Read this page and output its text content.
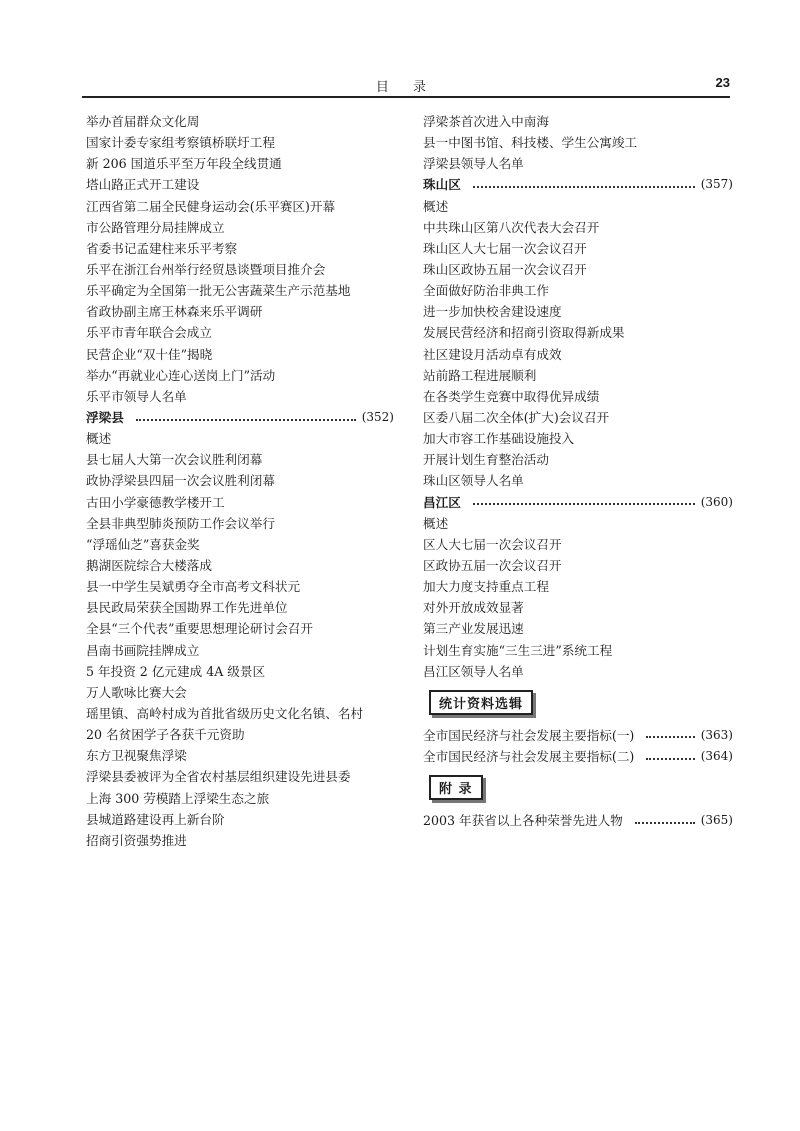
目 录	23
举办首届群众文化周
国家计委专家组考察镇桥联圩工程
新 206 国道乐平至万年段全线贯通
塔山路正式开工建设
江西省第二届全民健身运动会(乐平赛区)开幕
市公路管理分局挂牌成立
省委书记孟建柱来乐平考察
乐平在浙江台州举行经贸恳谈暨项目推介会
乐平确定为全国第一批无公害蔬菜生产示范基地
省政协副主席王林森来乐平调研
乐平市青年联合会成立
民营企业“双十佳”揭晓
举办“再就业心连心送岗上门”活动
乐平市领导人名单
浮梁县	(352)
概述
县七届人大第一次会议胜利闭幕
政协浮梁县四届一次会议胜利闭幕
古田小学豪德教学楼开工
全县非典型肺炎预防工作会议举行
“浮瑶仙芝”喜获金奖
鹅湖医院综合大楼落成
县一中学生吴斌勇夺全市高考文科状元
县民政局荣获全国勘界工作先进单位
全县“三个代表”重要思想理论研讨会召开
昌南书画院挂牌成立
5 年投资 2 亿元建成 4A 级景区
万人歌咏比赛大会
瑶里镇、高岭村成为首批省级历史文化名镇、名村
20 名贫困学子各获千元资助
东方卫视聚焦浮梁
浮梁县委被评为全省农村基层组织建设先进县委
上海 300 劳模踏上浮梁生态之旅
县城道路建设再上新台阶
招商引资强势推进
浮梁茶首次进入中南海
县一中图书馆、科技楼、学生公寓竣工
浮梁县领导人名单
珠山区	(357)
概述
中共珠山区第八次代表大会召开
珠山区人大七届一次会议召开
珠山区政协五届一次会议召开
全面做好防治非典工作
进一步加快校舍建设速度
发展民营经济和招商引资取得新成果
社区建设月活动卓有成效
站前路工程进展顺利
在各类学生竞赛中取得优异成绩
区委八届二次全体(扩大)会议召开
加大市容工作基础设施投入
开展计划生育整治活动
珠山区领导人名单
昌江区	(360)
概述
区人大七届一次会议召开
区政协五届一次会议召开
加大力度支持重点工程
对外开放成效显著
第三产业发展迅速
计划生育实施“三生三进”系统工程
昌江区领导人名单
统计资料选辑
全市国民经济与社会发展主要指标(一)	(363)
全市国民经济与社会发展主要指标(二)	(364)
附 录
2003 年获省以上各种荣誉先进人物	(365)
